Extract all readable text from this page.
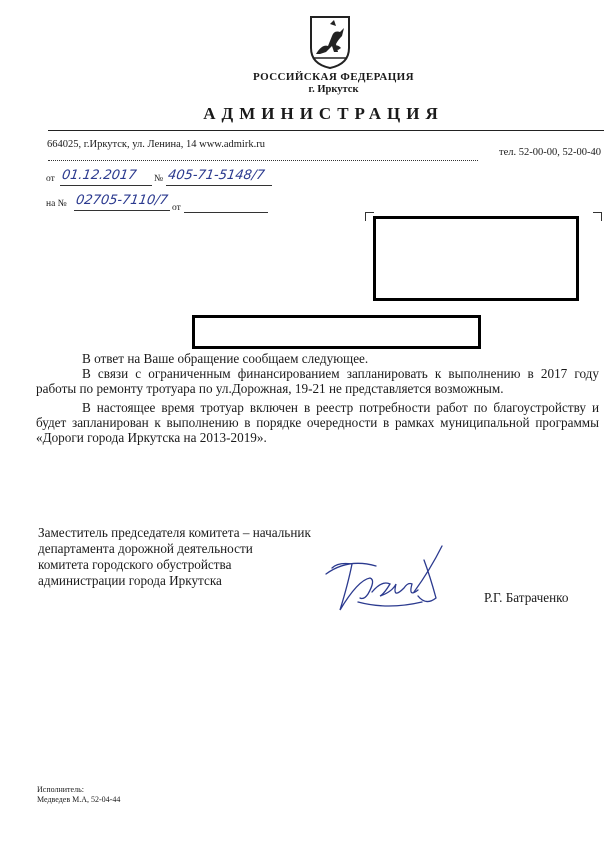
РОССИЙСКАЯ ФЕДЕРАЦИЯ
г. Иркутск
АДМИНИСТРАЦИЯ
664025, г.Иркутск, ул. Ленина, 14 www.admirk.ru
тел. 52-00-00, 52-00-40
от 01.12.2017 № 405-71-5148/7
на № 02705-7110/7 от

В ответ на Ваше обращение сообщаем следующее.

В связи с ограниченным финансированием запланировать к выполнению в 2017 году работы по ремонту тротуара по ул.Дорожная, 19-21 не представляется возможным.

В настоящее время тротуар включен в реестр потребности работ по благоустройству и будет запланирован к выполнению в порядке очередности в рамках муниципальной программы «Дороги города Иркутска на 2013-2019».

Заместитель председателя комитета – начальник
департамента дорожной деятельности
комитета городского обустройства
администрации города Иркутска
Р.Г. Батраченко
Исполнитель:
Медведев М.А, 52-04-44
